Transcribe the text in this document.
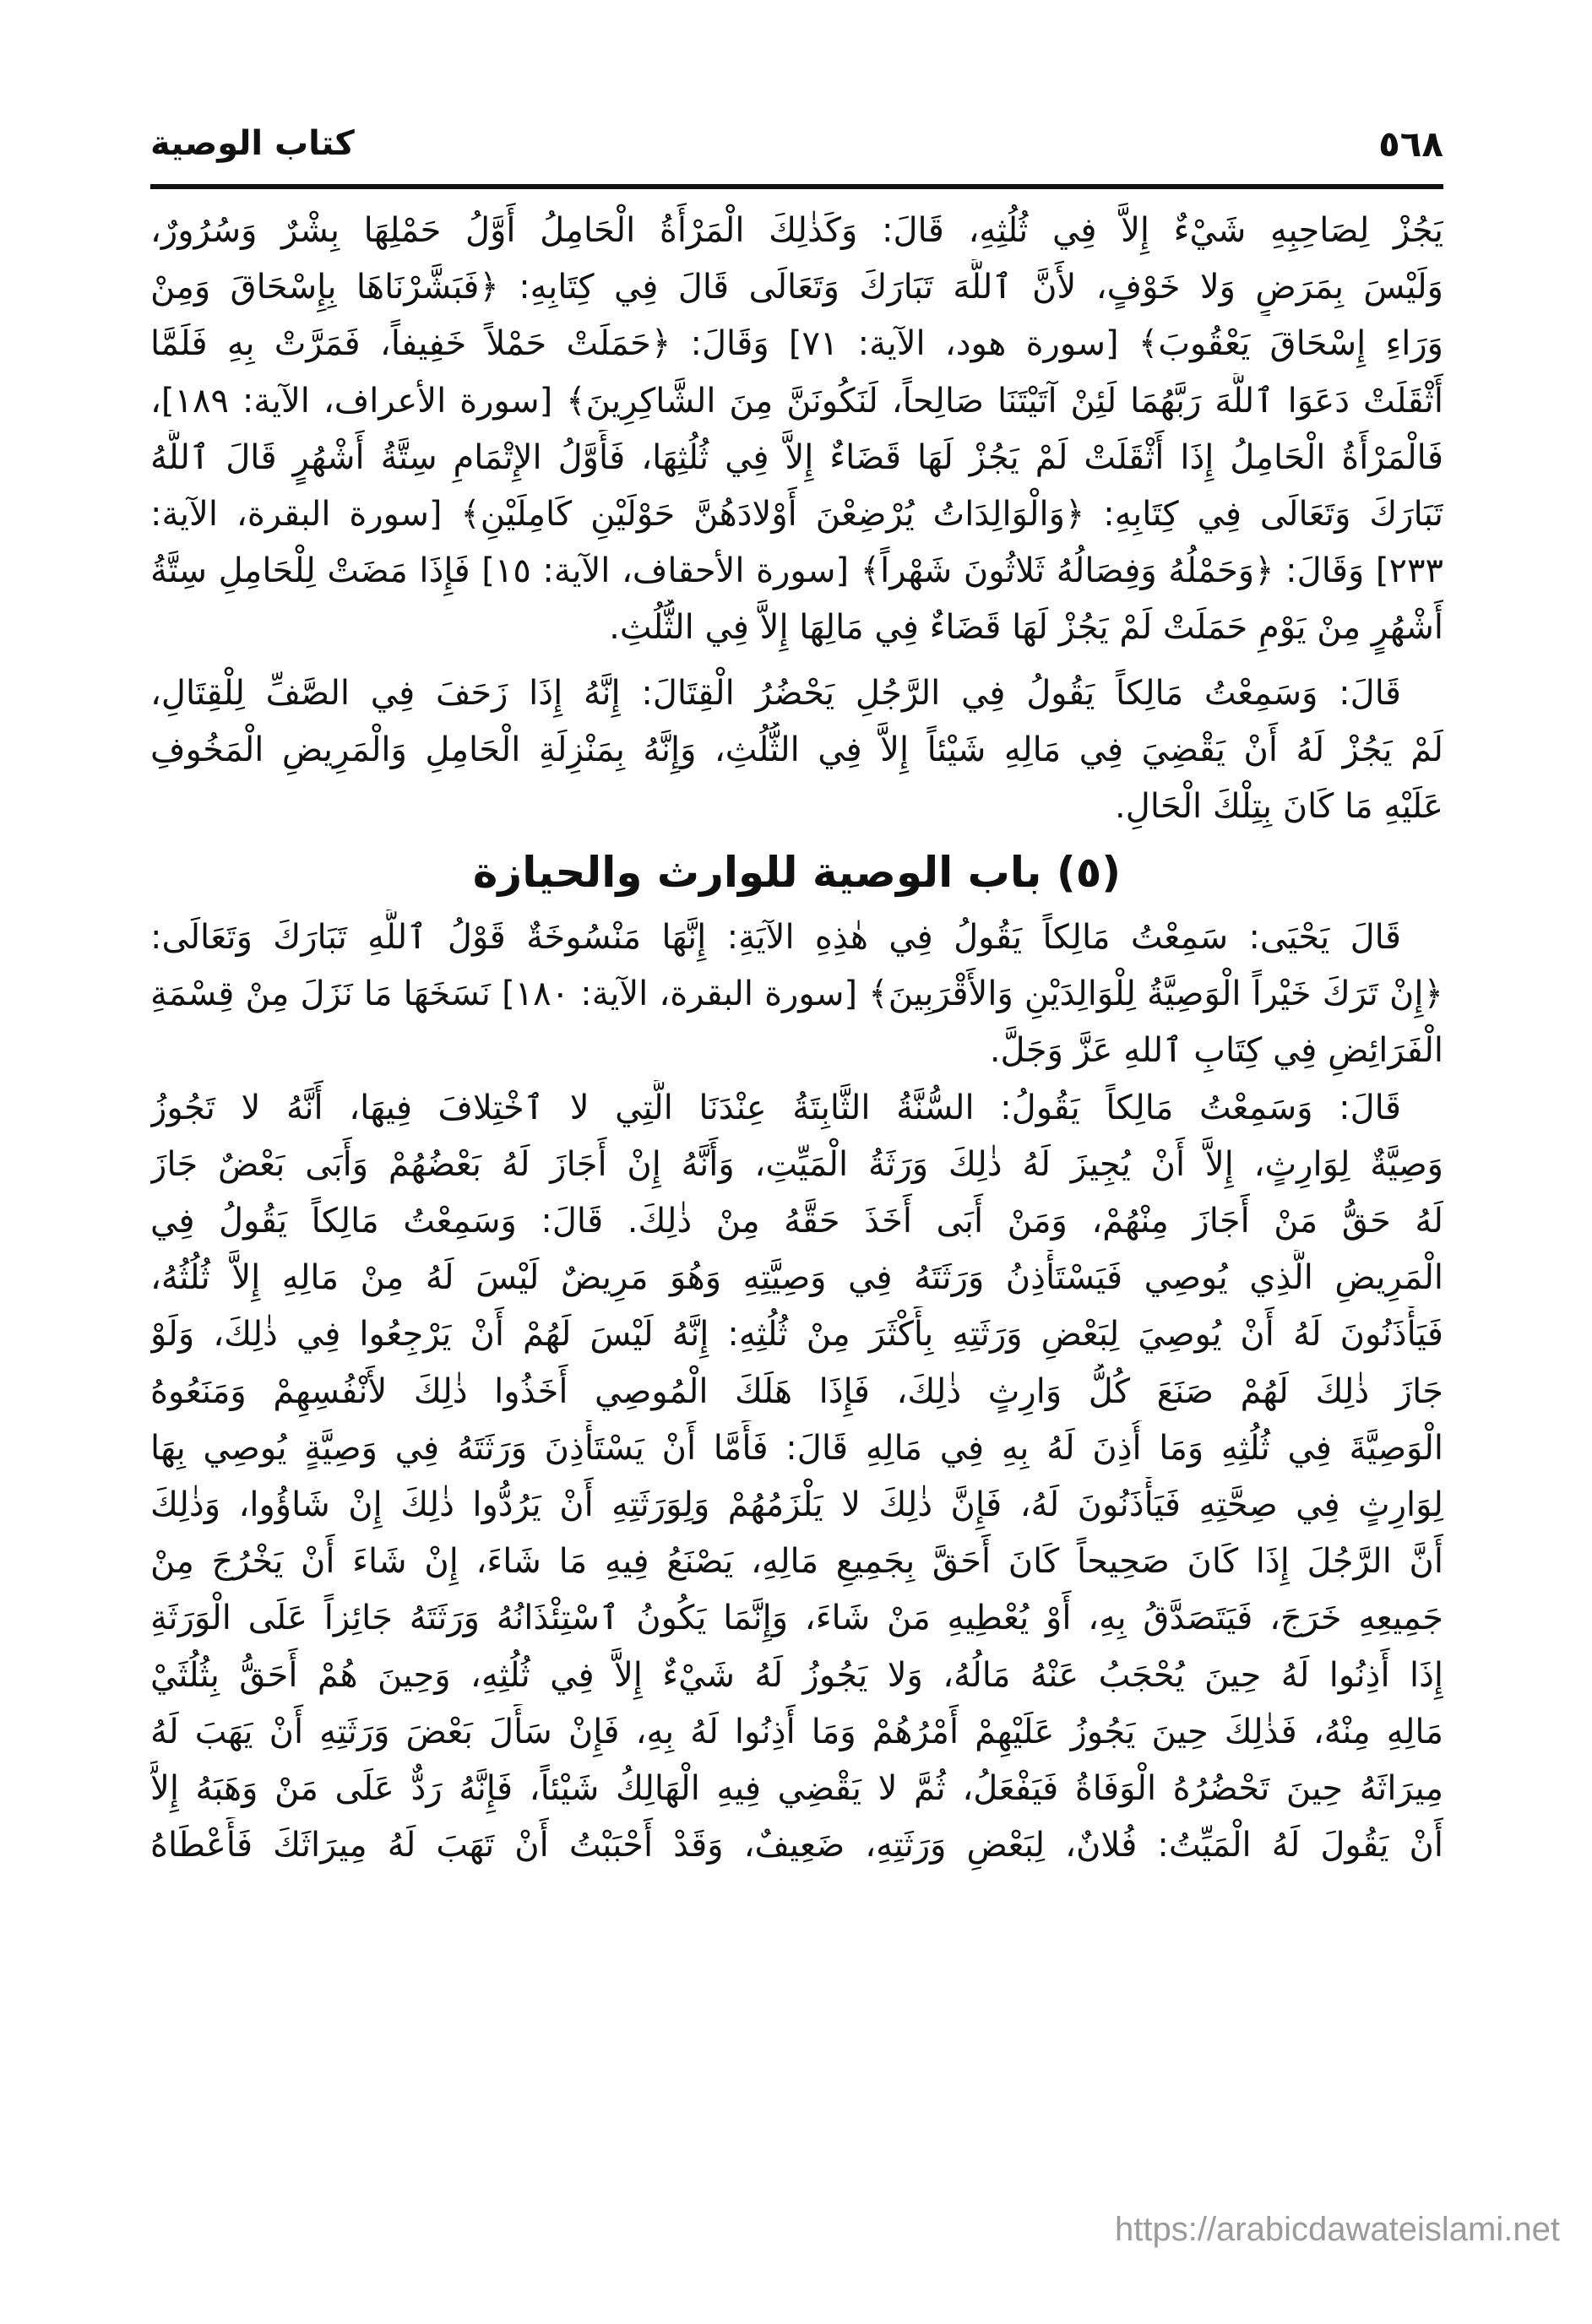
٥٦٨
كتاب الوصية
يَجُزْ لِصَاحِبِهِ شَيْءٌ إِلاَّ فِي ثُلُثِهِ، قَالَ: وَكَذٰلِكَ الْمَرْأَةُ الْحَامِلُ أَوَّلُ حَمْلِهَا بِشْرٌ وَسُرُورٌ،
وَلَيْسَ بِمَرَضٍ وَلا خَوْفٍ، لأَنَّ ٱللَّهَ تَبَارَكَ وَتَعَالَى قَالَ فِي كِتَابِهِ: ﴿فَبَشَّرْنَاهَا بِإِسْحَاقَ وَمِنْ
وَرَاءِ إِسْحَاقَ يَعْقُوبَ﴾ [سورة هود، الآية: ٧١] وَقَالَ: ﴿حَمَلَتْ حَمْلاً خَفِيفاً، فَمَرَّتْ بِهِ فَلَمَّا
أَثْقَلَتْ دَعَوَا ٱللَّهَ رَبَّهُمَا لَئِنْ آتَيْتَنَا صَالِحاً، لَنَكُونَنَّ مِنَ الشَّاكِرِينَ﴾ [سورة الأعراف، الآية: ١٨٩]،
فَالْمَرْأَةُ الْحَامِلُ إِذَا أَثْقَلَتْ لَمْ يَجُزْ لَهَا قَضَاءٌ إِلاَّ فِي ثُلُثِهَا، فَأَوَّلُ الإِتْمَامِ سِتَّةُ أَشْهُرٍ قَالَ ٱللَّهُ
تَبَارَكَ وَتَعَالَى فِي كِتَابِهِ: ﴿وَالْوَالِدَاتُ يُرْضِعْنَ أَوْلادَهُنَّ حَوْلَيْنِ كَامِلَيْنِ﴾ [سورة البقرة، الآية:
٢٣٣] وَقَالَ: ﴿وَحَمْلُهُ وَفِصَالُهُ ثَلاثُونَ شَهْراً﴾ [سورة الأحقاف، الآية: ١٥] فَإِذَا مَضَتْ لِلْحَامِلِ سِتَّةُ
أَشْهُرٍ مِنْ يَوْمِ حَمَلَتْ لَمْ يَجُزْ لَهَا قَضَاءٌ فِي مَالِهَا إِلاَّ فِي الثُّلُثِ.
قَالَ: وَسَمِعْتُ مَالِكاً يَقُولُ فِي الرَّجُلِ يَحْضُرُ الْقِتَالَ: إِنَّهُ إِذَا زَحَفَ فِي الصَّفِّ لِلْقِتَالِ،
لَمْ يَجُزْ لَهُ أَنْ يَقْضِيَ فِي مَالِهِ شَيْئاً إِلاَّ فِي الثُّلُثِ، وَإِنَّهُ بِمَنْزِلَةِ الْحَامِلِ وَالْمَرِيضِ الْمَخُوفِ
عَلَيْهِ مَا كَانَ بِتِلْكَ الْحَالِ.
(٥) باب الوصية للوارث والحيازة
قَالَ يَحْيَى: سَمِعْتُ مَالِكاً يَقُولُ فِي هٰذِهِ الآيَةِ: إِنَّهَا مَنْسُوخَةٌ قَوْلُ ٱللَّهِ تَبَارَكَ وَتَعَالَى:
﴿إِنْ تَرَكَ خَيْراً الْوَصِيَّةُ لِلْوَالِدَيْنِ وَالأَقْرَبِينَ﴾ [سورة البقرة، الآية: ١٨٠] نَسَخَهَا مَا نَزَلَ مِنْ قِسْمَةِ
الْفَرَائِضِ فِي كِتَابِ ٱللهِ عَزَّ وَجَلَّ.
قَالَ: وَسَمِعْتُ مَالِكاً يَقُولُ: السُّنَّةُ الثَّابِتَةُ عِنْدَنَا الَّتِي لا ٱخْتِلافَ فِيهَا، أَنَّهُ لا تَجُوزُ
وَصِيَّةٌ لِوَارِثٍ، إِلاَّ أَنْ يُجِيزَ لَهُ ذٰلِكَ وَرَثَةُ الْمَيِّتِ، وَأَنَّهُ إِنْ أَجَازَ لَهُ بَعْضُهُمْ وَأَبَى بَعْضٌ جَازَ
لَهُ حَقُّ مَنْ أَجَازَ مِنْهُمْ، وَمَنْ أَبَى أَخَذَ حَقَّهُ مِنْ ذٰلِكَ. قَالَ: وَسَمِعْتُ مَالِكاً يَقُولُ فِي
الْمَرِيضِ الَّذِي يُوصِي فَيَسْتَأْذِنُ وَرَثَتَهُ فِي وَصِيَّتِهِ وَهُوَ مَرِيضٌ لَيْسَ لَهُ مِنْ مَالِهِ إِلاَّ ثُلُثُهُ،
فَيَأْذَنُونَ لَهُ أَنْ يُوصِيَ لِبَعْضِ وَرَثَتِهِ بِأَكْثَرَ مِنْ ثُلُثِهِ: إِنَّهُ لَيْسَ لَهُمْ أَنْ يَرْجِعُوا فِي ذٰلِكَ، وَلَوْ
جَازَ ذٰلِكَ لَهُمْ صَنَعَ كُلُّ وَارِثٍ ذٰلِكَ، فَإِذَا هَلَكَ الْمُوصِي أَخَذُوا ذٰلِكَ لأَنْفُسِهِمْ وَمَنَعُوهُ
الْوَصِيَّةَ فِي ثُلُثِهِ وَمَا أُذِنَ لَهُ بِهِ فِي مَالِهِ قَالَ: فَأَمَّا أَنْ يَسْتَأْذِنَ وَرَثَتَهُ فِي وَصِيَّةٍ يُوصِي بِهَا
لِوَارِثٍ فِي صِحَّتِهِ فَيَأْذَنُونَ لَهُ، فَإِنَّ ذٰلِكَ لا يَلْزَمُهُمْ وَلِوَرَثَتِهِ أَنْ يَرُدُّوا ذٰلِكَ إِنْ شَاؤُوا، وَذٰلِكَ
أَنَّ الرَّجُلَ إِذَا كَانَ صَحِيحاً كَانَ أَحَقَّ بِجَمِيعِ مَالِهِ، يَصْنَعُ فِيهِ مَا شَاءَ، إِنْ شَاءَ أَنْ يَخْرُجَ مِنْ
جَمِيعِهِ خَرَجَ، فَيَتَصَدَّقُ بِهِ، أَوْ يُعْطِيهِ مَنْ شَاءَ، وَإِنَّمَا يَكُونُ ٱسْتِئْذَانُهُ وَرَثَتَهُ جَائِزاً عَلَى الْوَرَثَةِ
إِذَا أَذِنُوا لَهُ حِينَ يُحْجَبُ عَنْهُ مَالُهُ، وَلا يَجُوزُ لَهُ شَيْءٌ إِلاَّ فِي ثُلُثِهِ، وَحِينَ هُمْ أَحَقُّ بِثُلُثَيْ
مَالِهِ مِنْهُ، فَذٰلِكَ حِينَ يَجُوزُ عَلَيْهِمْ أَمْرُهُمْ وَمَا أَذِنُوا لَهُ بِهِ، فَإِنْ سَأَلَ بَعْضَ وَرَثَتِهِ أَنْ يَهَبَ لَهُ
مِيرَاثَهُ حِينَ تَحْضُرُهُ الْوَفَاةُ فَيَفْعَلُ، ثُمَّ لا يَقْضِي فِيهِ الْهَالِكُ شَيْئاً، فَإِنَّهُ رَدٌّ عَلَى مَنْ وَهَبَهُ إِلاَّ
أَنْ يَقُولَ لَهُ الْمَيِّتُ: فُلانٌ، لِبَعْضِ وَرَثَتِهِ، ضَعِيفٌ، وَقَدْ أَحْبَبْتُ أَنْ تَهَبَ لَهُ مِيرَاثَكَ فَأَعْطَاهُ
https://arabicdawateislami.net
